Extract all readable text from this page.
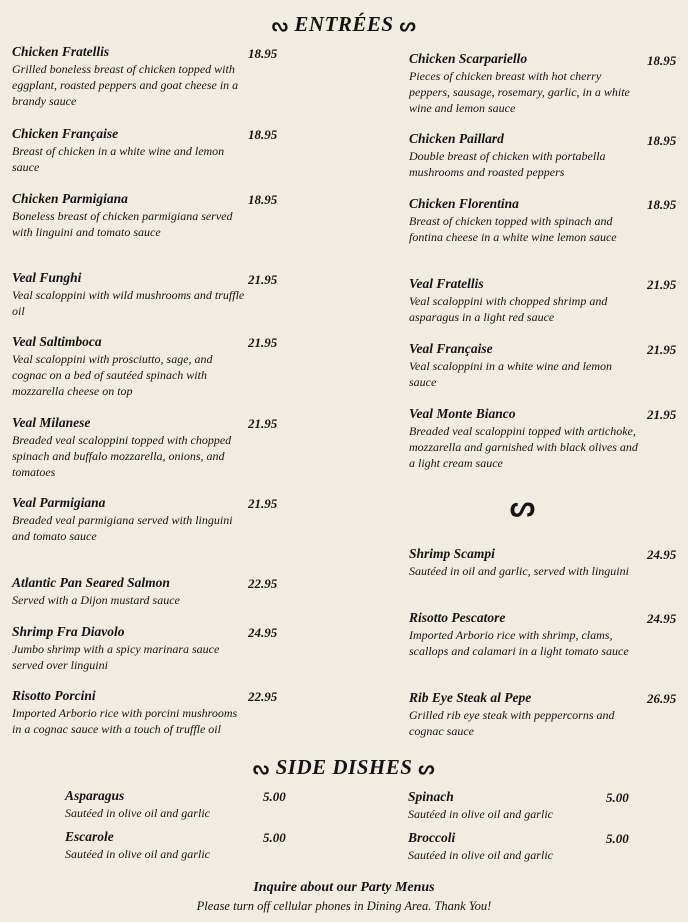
ᔓ ENTRÉES ᔕ
Chicken Fratellis
Grilled boneless breast of chicken topped with eggplant, roasted peppers and goat cheese in a brandy sauce
18.95
Chicken Française
Breast of chicken in a white wine and lemon sauce
18.95
Chicken Parmigiana
Boneless breast of chicken parmigiana served with linguini and tomato sauce
18.95
Veal Funghi
Veal scaloppini with wild mushrooms and truffle oil
21.95
Veal Saltimboca
Veal scaloppini with prosciutto, sage, and cognac on a bed of sautéed spinach with mozzarella cheese on top
21.95
Veal Milanese
Breaded veal scaloppini topped with chopped spinach and buffalo mozzarella, onions, and tomatoes
21.95
Veal Parmigiana
Breaded veal parmigiana served with linguini and tomato sauce
21.95
Atlantic Pan Seared Salmon
Served with a Dijon mustard sauce
22.95
Shrimp Fra Diavolo
Jumbo shrimp with a spicy marinara sauce served over linguini
24.95
Risotto Porcini
Imported Arborio rice with porcini mushrooms in a cognac sauce with a touch of truffle oil
22.95
Chicken Scarpariello
Pieces of chicken breast with hot cherry peppers, sausage, rosemary, garlic, in a white wine and lemon sauce
18.95
Chicken Paillard
Double breast of chicken with portabella mushrooms and roasted peppers
18.95
Chicken Florentina
Breast of chicken topped with spinach and fontina cheese in a white wine lemon sauce
18.95
Veal Fratellis
Veal scaloppini with chopped shrimp and asparagus in a light red sauce
21.95
Veal Française
Veal scaloppini in a white wine and lemon sauce
21.95
Veal Monte Bianco
Breaded veal scaloppini topped with artichoke, mozzarella and garnished with black olives and a light cream sauce
21.95
ᔕ
Shrimp Scampi
Sautéed in oil and garlic, served with linguini
24.95
Risotto Pescatore
Imported Arborio rice with shrimp, clams, scallops and calamari in a light tomato sauce
24.95
Rib Eye Steak al Pepe
Grilled rib eye steak with peppercorns and cognac sauce
26.95
ᔓ SIDE DISHES ᔕ
Asparagus
Sautéed in olive oil and garlic
5.00
Escarole
Sautéed in olive oil and garlic
5.00
Spinach
Sautéed in olive oil and garlic
5.00
Broccoli
Sautéed in olive oil and garlic
5.00
Inquire about our Party Menus
Please turn off cellular phones in Dining Area. Thank You!
